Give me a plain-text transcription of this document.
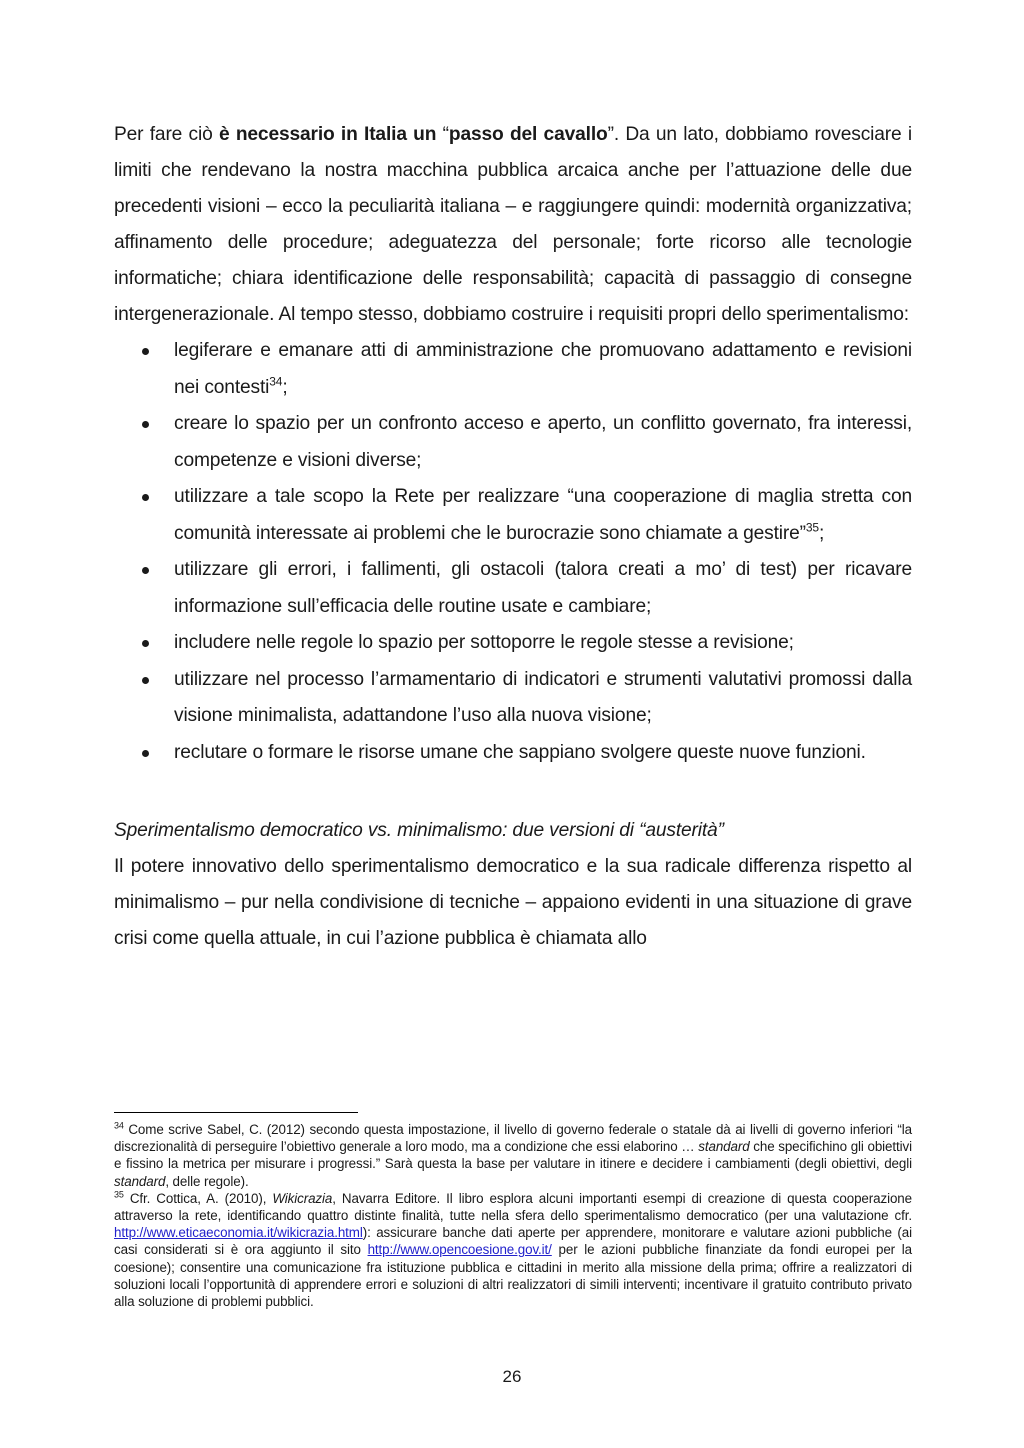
Per fare ciò è necessario in Italia un “passo del cavallo”. Da un lato, dobbiamo rovesciare i limiti che rendevano la nostra macchina pubblica arcaica anche per l’attuazione delle due precedenti visioni – ecco la peculiarità italiana – e raggiungere quindi: modernità organizzativa; affinamento delle procedure; adeguatezza del personale; forte ricorso alle tecnologie informatiche; chiara identificazione delle responsabilità; capacità di passaggio di consegne intergenerazionale. Al tempo stesso, dobbiamo costruire i requisiti propri dello sperimentalismo:

legiferare e emanare atti di amministrazione che promuovano adattamento e revisioni nei contesti$^{34}$;
creare lo spazio per un confronto acceso e aperto, un conflitto governato, fra interessi, competenze e visioni diverse;
utilizzare a tale scopo la Rete per realizzare “una cooperazione di maglia stretta con comunità interessate ai problemi che le burocrazie sono chiamate a gestire”$^{35}$;
utilizzare gli errori, i fallimenti, gli ostacoli (talora creati a mo’ di test) per ricavare informazione sull’efficacia delle routine usate e cambiare;
includere nelle regole lo spazio per sottoporre le regole stesse a revisione;
utilizzare nel processo l’armamentario di indicatori e strumenti valutativi promossi dalla visione minimalista, adattandone l’uso alla nuova visione;
reclutare o formare le risorse umane che sappiano svolgere queste nuove funzioni.

Sperimentalismo democratico vs. minimalismo: due versioni di “austerità”

Il potere innovativo dello sperimentalismo democratico e la sua radicale differenza rispetto al minimalismo – pur nella condivisione di tecniche – appaiono evidenti in una situazione di grave crisi come quella attuale, in cui l’azione pubblica è chiamata allo

$^{34}$ Come scrive Sabel, C. (2012) secondo questa impostazione, il livello di governo federale o statale dà ai livelli di governo inferiori “la discrezionalità di perseguire l’obiettivo generale a loro modo, ma a condizione che essi elaborino … standard che specifichino gli obiettivi e fissino la metrica per misurare i progressi.” Sarà questa la base per valutare in itinere e decidere i cambiamenti (degli obiettivi, degli standard, delle regole).

$^{35}$ Cfr. Cottica, A. (2010), Wikicrazia, Navarra Editore. Il libro esplora alcuni importanti esempi di creazione di questa cooperazione attraverso la rete, identificando quattro distinte finalità, tutte nella sfera dello sperimentalismo democratico (per una valutazione cfr. http://www.eticaeconomia.it/wikicrazia.html): assicurare banche dati aperte per apprendere, monitorare e valutare azioni pubbliche (ai casi considerati si è ora aggiunto il sito http://www.opencoesione.gov.it/ per le azioni pubbliche finanziate da fondi europei per la coesione); consentire una comunicazione fra istituzione pubblica e cittadini in merito alla missione della prima; offrire a realizzatori di soluzioni locali l’opportunità di apprendere errori e soluzioni di altri realizzatori di simili interventi; incentivare il gratuito contributo privato alla soluzione di problemi pubblici.

26
